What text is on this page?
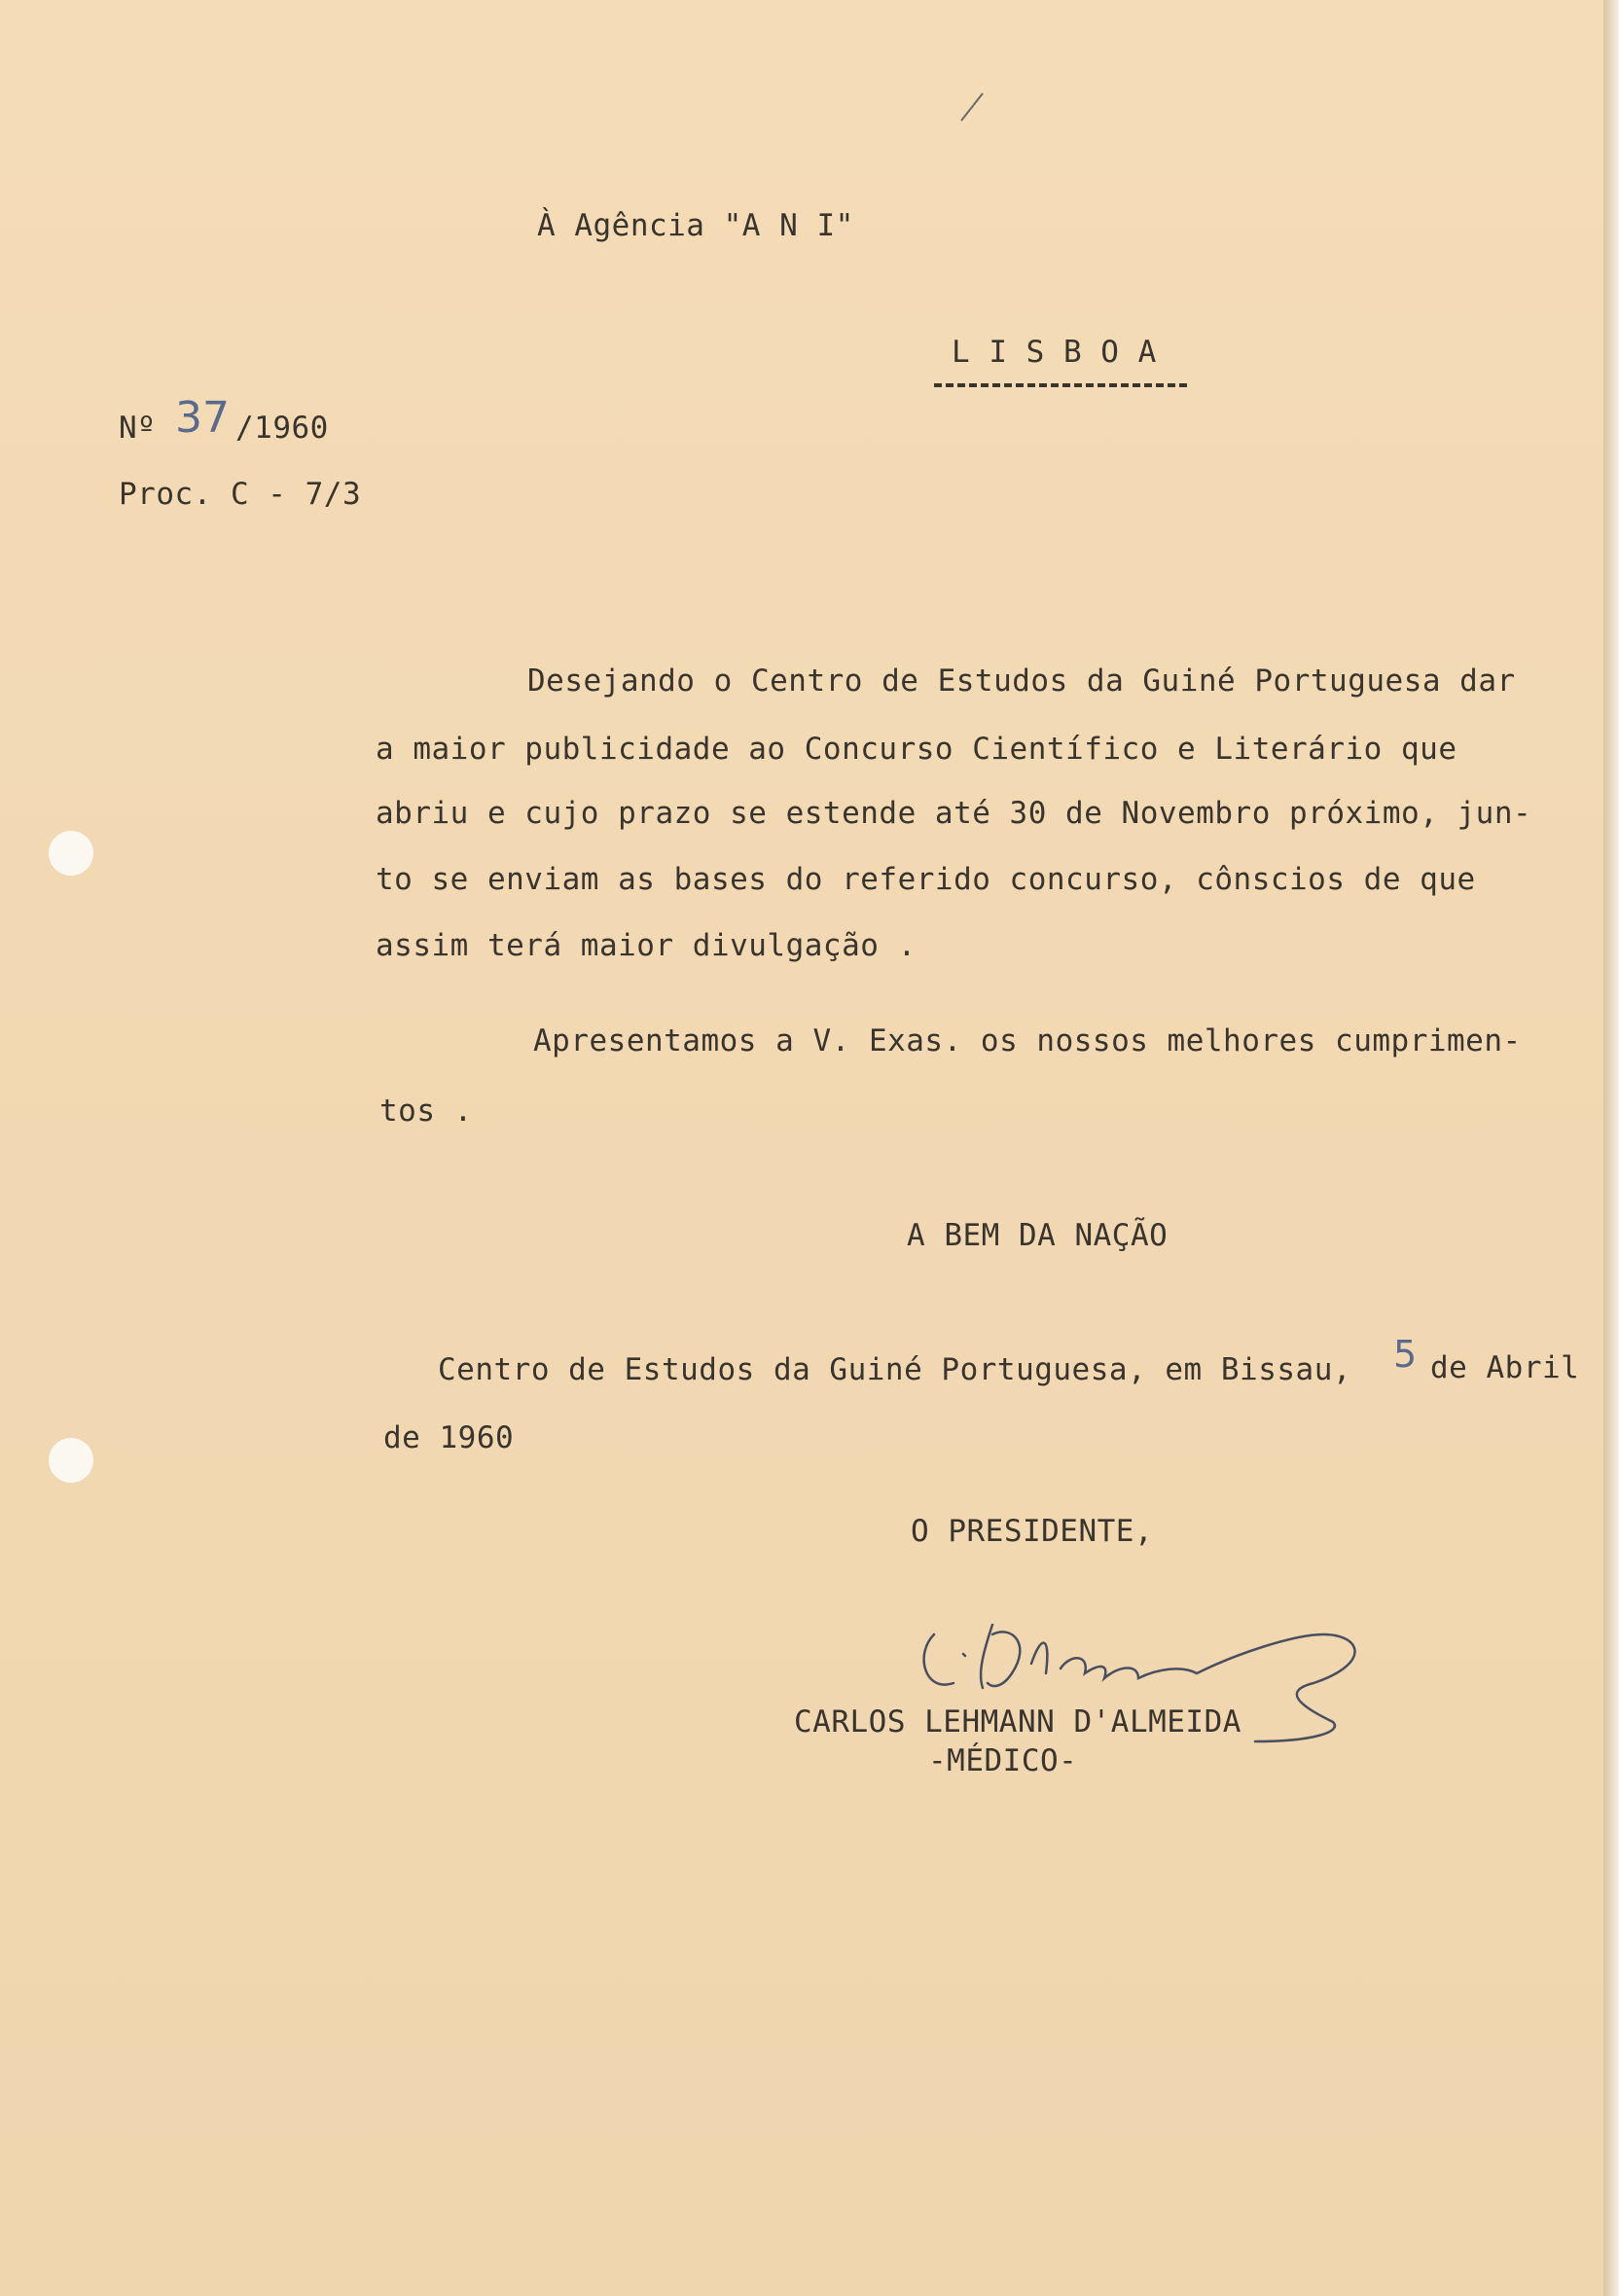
À Agência "A N I"
L I S B O A
Nº 37 /1960
Proc. C - 7/3
Desejando o Centro de Estudos da Guiné Portuguesa dar
a maior publicidade ao Concurso Científico e Literário que
abriu e cujo prazo se estende até 30 de Novembro próximo, jun-
to se enviam as bases do referido concurso, cônscios de que
assim terá maior divulgação .
Apresentamos a V. Exas. os nossos melhores cumprimen-
tos .
A BEM DA NAÇÃO
Centro de Estudos da Guiné Portuguesa, em Bissau, 5 de Abril
de 1960
O PRESIDENTE,
CARLOS LEHMANN D'ALMEIDA
-MÉDICO-
